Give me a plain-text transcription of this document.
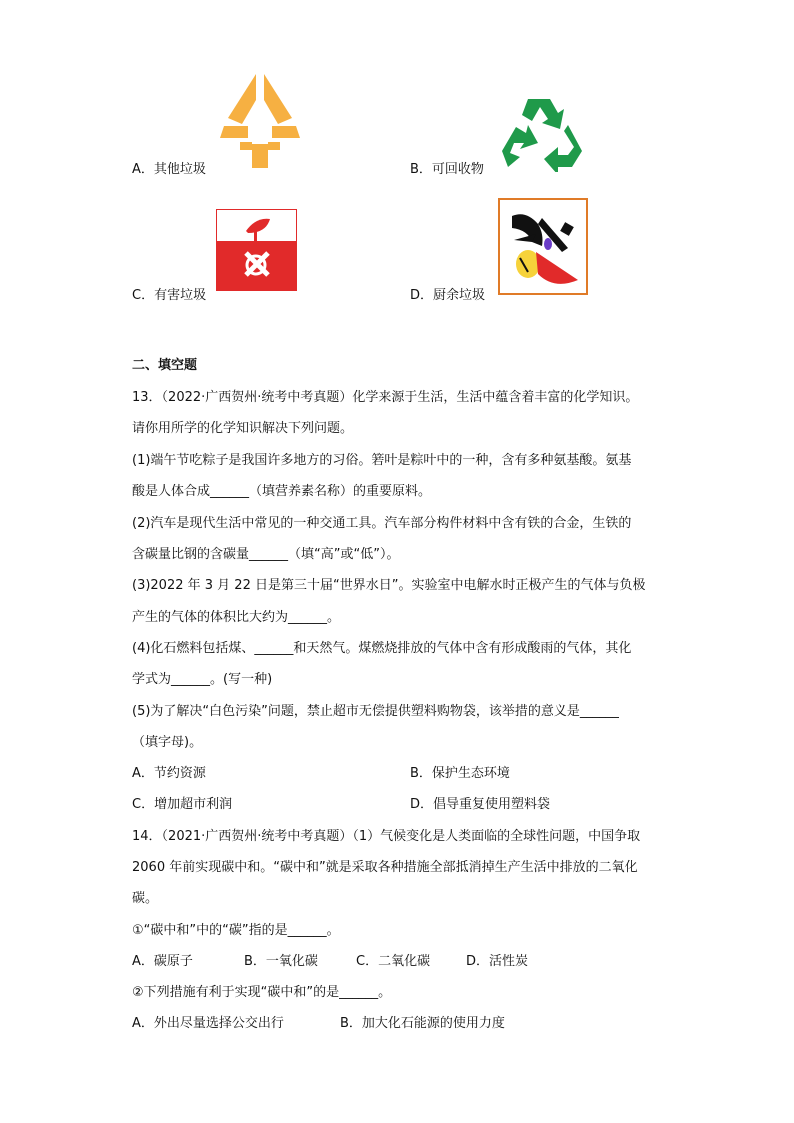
A．其他垃圾	B．可回收物
C．有害垃圾	D．厨余垃圾
二、填空题
13．（2022·广西贺州·统考中考真题）化学来源于生活，生活中蕴含着丰富的化学知识。
请你用所学的化学知识解决下列问题。
(1)端午节吃粽子是我国许多地方的习俗。箬叶是粽叶中的一种，含有多种氨基酸。氨基
酸是人体合成______（填营养素名称）的重要原料。
(2)汽车是现代生活中常见的一种交通工具。汽车部分构件材料中含有铁的合金，生铁的
含碳量比钢的含碳量______（填“高”或“低”）。
(3)2022 年 3 月 22 日是第三十届“世界水日”。实验室中电解水时正极产生的气体与负极
产生的气体的体积比大约为______。
(4)化石燃料包括煤、______和天然气。煤燃烧排放的气体中含有形成酸雨的气体，其化
学式为______。(写一种)
(5)为了解决“白色污染”问题，禁止超市无偿提供塑料购物袋，该举措的意义是______
（填字母)。
A．节约资源	B．保护生态环境
C．增加超市利润	D．倡导重复使用塑料袋
14．（2021·广西贺州·统考中考真题）（1）气候变化是人类面临的全球性问题，中国争取
2060 年前实现碳中和。“碳中和”就是采取各种措施全部抵消掉生产生活中排放的二氧化
碳。
①“碳中和”中的“碳”指的是______。
A．碳原子	B．一氧化碳	C．二氧化碳	D．活性炭
②下列措施有利于实现“碳中和”的是______。
A．外出尽量选择公交出行	B．加大化石能源的使用力度
